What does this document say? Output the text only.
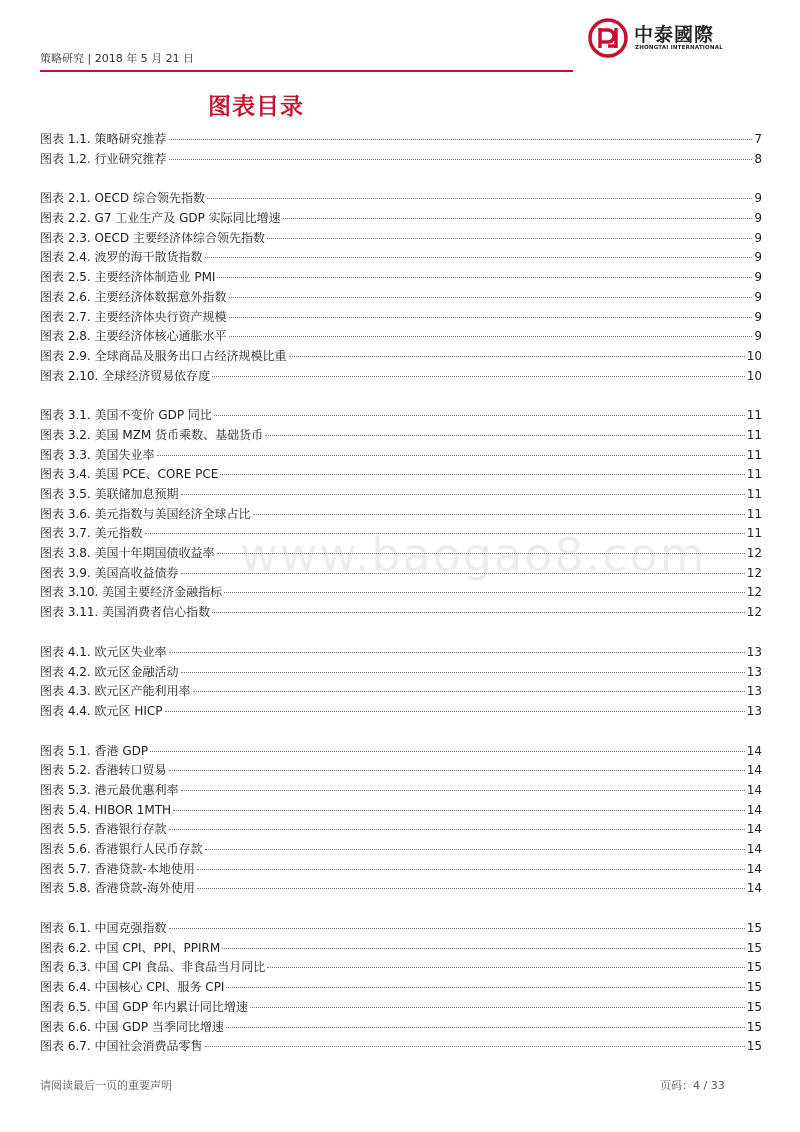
策略研究 | 2018 年 5 月 21 日
中泰國際
ZHONGTAI INTERNATIONAL
图表目录
www.baogao8.com
图表 1.1. 策略研究推荐	7
图表 1.2. 行业研究推荐	8
图表 2.1. OECD 综合领先指数	9
图表 2.2. G7 工业生产及 GDP 实际同比增速	9
图表 2.3. OECD 主要经济体综合领先指数	9
图表 2.4. 波罗的海干散货指数	9
图表 2.5. 主要经济体制造业 PMI	9
图表 2.6. 主要经济体数据意外指数	9
图表 2.7. 主要经济体央行资产规模	9
图表 2.8. 主要经济体核心通胀水平	9
图表 2.9. 全球商品及服务出口占经济规模比重	10
图表 2.10. 全球经济贸易依存度	10
图表 3.1. 美国不变价 GDP 同比	11
图表 3.2. 美国 MZM 货币乘数、基础货币	11
图表 3.3. 美国失业率	11
图表 3.4. 美国 PCE、CORE PCE	11
图表 3.5. 美联储加息预期	11
图表 3.6. 美元指数与美国经济全球占比	11
图表 3.7. 美元指数	11
图表 3.8. 美国十年期国债收益率	12
图表 3.9. 美国高收益债券	12
图表 3.10. 美国主要经济金融指标	12
图表 3.11. 美国消费者信心指数	12
图表 4.1. 欧元区失业率	13
图表 4.2. 欧元区金融活动	13
图表 4.3. 欧元区产能利用率	13
图表 4.4. 欧元区 HICP	13
图表 5.1. 香港 GDP	14
图表 5.2. 香港转口贸易	14
图表 5.3. 港元最优惠利率	14
图表 5.4. HIBOR 1MTH	14
图表 5.5. 香港银行存款	14
图表 5.6. 香港银行人民币存款	14
图表 5.7. 香港贷款-本地使用	14
图表 5.8. 香港贷款-海外使用	14
图表 6.1. 中国克强指数	15
图表 6.2. 中国 CPI、PPI、PPIRM	15
图表 6.3. 中国 CPI 食品、非食品当月同比	15
图表 6.4. 中国核心 CPI、服务 CPI	15
图表 6.5. 中国 GDP 年内累计同比增速	15
图表 6.6. 中国 GDP 当季同比增速	15
图表 6.7. 中国社会消费品零售	15
请阅读最后一页的重要声明	页码：4 / 33
